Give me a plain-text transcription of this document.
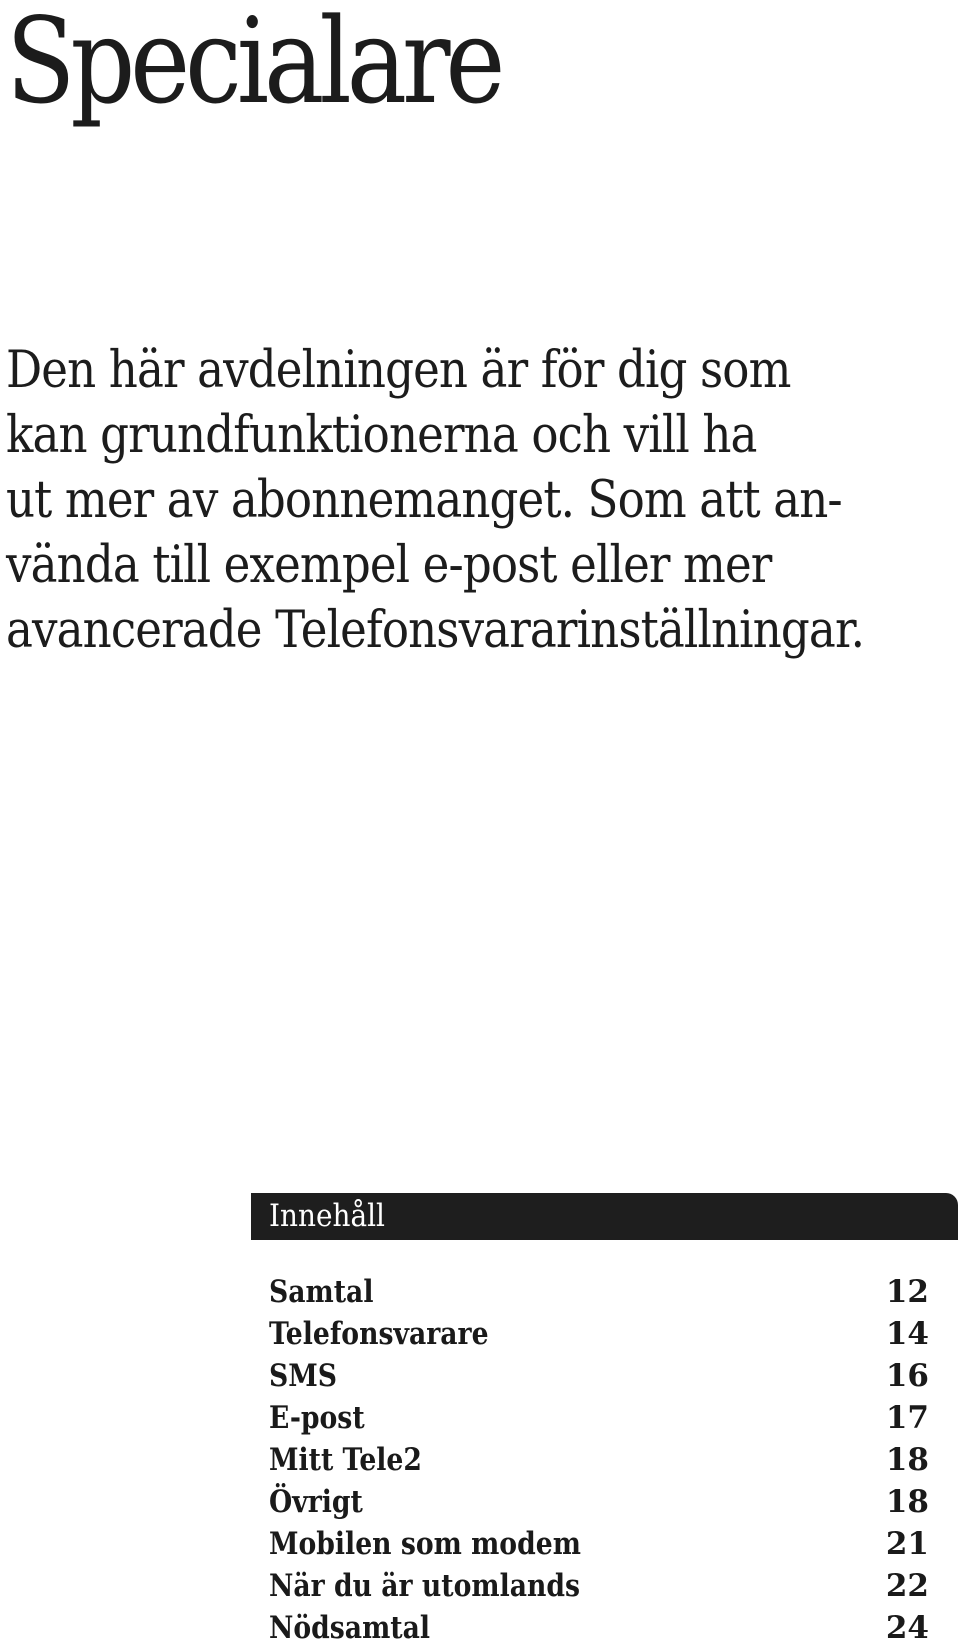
Specialare
Den här avdelningen är för dig som
kan grundfunktionerna och vill ha
ut mer av abonnemanget. Som att an-
vända till exempel e-post eller mer
avancerade Telefonsvararinställningar.
Innehåll
Samtal	12
Telefonsvarare	14
SMS	16
E-post	17
Mitt Tele2	18
Övrigt	18
Mobilen som modem	21
När du är utomlands	22
Nödsamtal	24
